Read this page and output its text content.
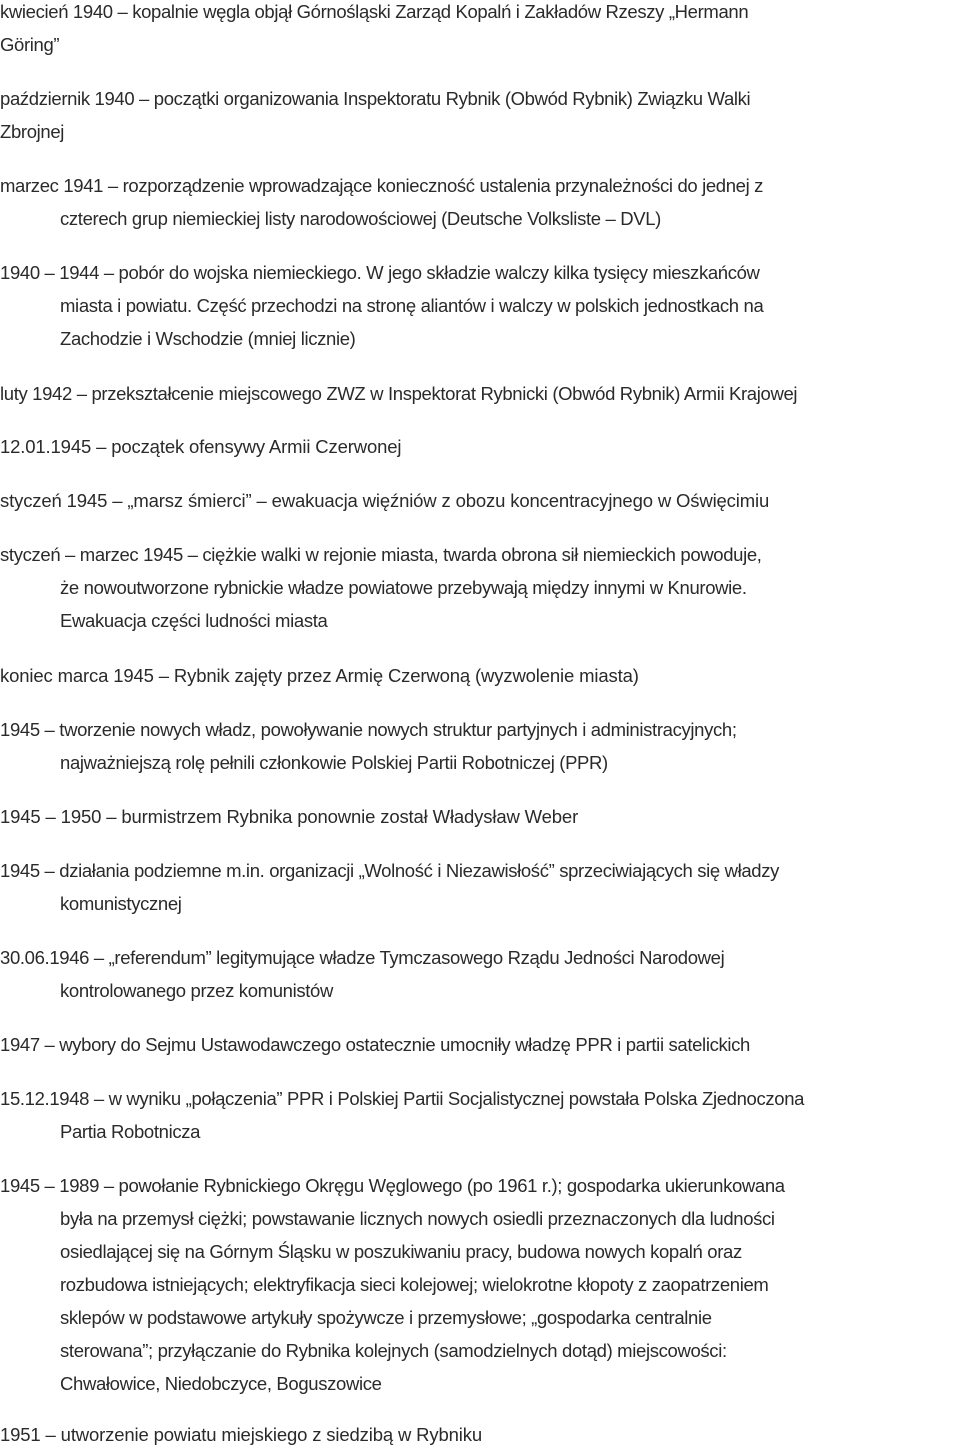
kwiecień 1940 – kopalnie węgla objął Górnośląski Zarząd Kopalń i Zakładów Rzeszy „Hermann
Göring”
październik 1940 – początki organizowania Inspektoratu Rybnik (Obwód Rybnik) Związku Walki
Zbrojnej
marzec 1941 – rozporządzenie wprowadzające konieczność ustalenia przynależności do jednej z
czterech grup niemieckiej listy narodowościowej (Deutsche Volksliste – DVL)
1940 – 1944 – pobór do wojska niemieckiego. W jego składzie walczy kilka tysięcy mieszkańców
miasta i powiatu. Część przechodzi na stronę aliantów i walczy w polskich jednostkach na
Zachodzie i Wschodzie (mniej licznie)
luty 1942 – przekształcenie miejscowego ZWZ w Inspektorat Rybnicki (Obwód Rybnik) Armii Krajowej
12.01.1945 – początek ofensywy Armii Czerwonej
styczeń 1945 – „marsz śmierci” – ewakuacja więźniów z obozu koncentracyjnego w Oświęcimiu
styczeń – marzec 1945 – ciężkie walki w rejonie miasta, twarda obrona sił niemieckich powoduje,
że nowoutworzone rybnickie władze powiatowe przebywają między innymi w Knurowie.
Ewakuacja części ludności miasta
koniec marca 1945 – Rybnik zajęty przez Armię Czerwoną (wyzwolenie miasta)
1945 – tworzenie nowych władz, powoływanie nowych struktur partyjnych i administracyjnych;
najważniejszą rolę pełnili członkowie Polskiej Partii Robotniczej (PPR)
1945 – 1950 – burmistrzem Rybnika ponownie został Władysław Weber
1945 – działania podziemne m.in. organizacji „Wolność i Niezawisłość” sprzeciwiających się władzy
komunistycznej
30.06.1946 – „referendum” legitymujące władze Tymczasowego Rządu Jedności Narodowej
kontrolowanego przez komunistów
1947 – wybory do Sejmu Ustawodawczego ostatecznie umocniły władzę PPR i partii satelickich
15.12.1948 – w wyniku „połączenia” PPR i Polskiej Partii Socjalistycznej powstała Polska Zjednoczona
Partia Robotnicza
1945 – 1989 – powołanie Rybnickiego Okręgu Węglowego (po 1961 r.); gospodarka ukierunkowana
była na przemysł ciężki; powstawanie licznych nowych osiedli przeznaczonych dla ludności
osiedlającej się na Górnym Śląsku w poszukiwaniu pracy, budowa nowych kopalń oraz
rozbudowa istniejących; elektryfikacja sieci kolejowej; wielokrotne kłopoty z zaopatrzeniem
sklepów w podstawowe artykuły spożywcze i przemysłowe; „gospodarka centralnie
sterowana”; przyłączanie do Rybnika kolejnych (samodzielnych dotąd) miejscowości:
Chwałowice, Niedobczyce, Boguszowice
1951 – utworzenie powiatu miejskiego z siedzibą w Rybniku
